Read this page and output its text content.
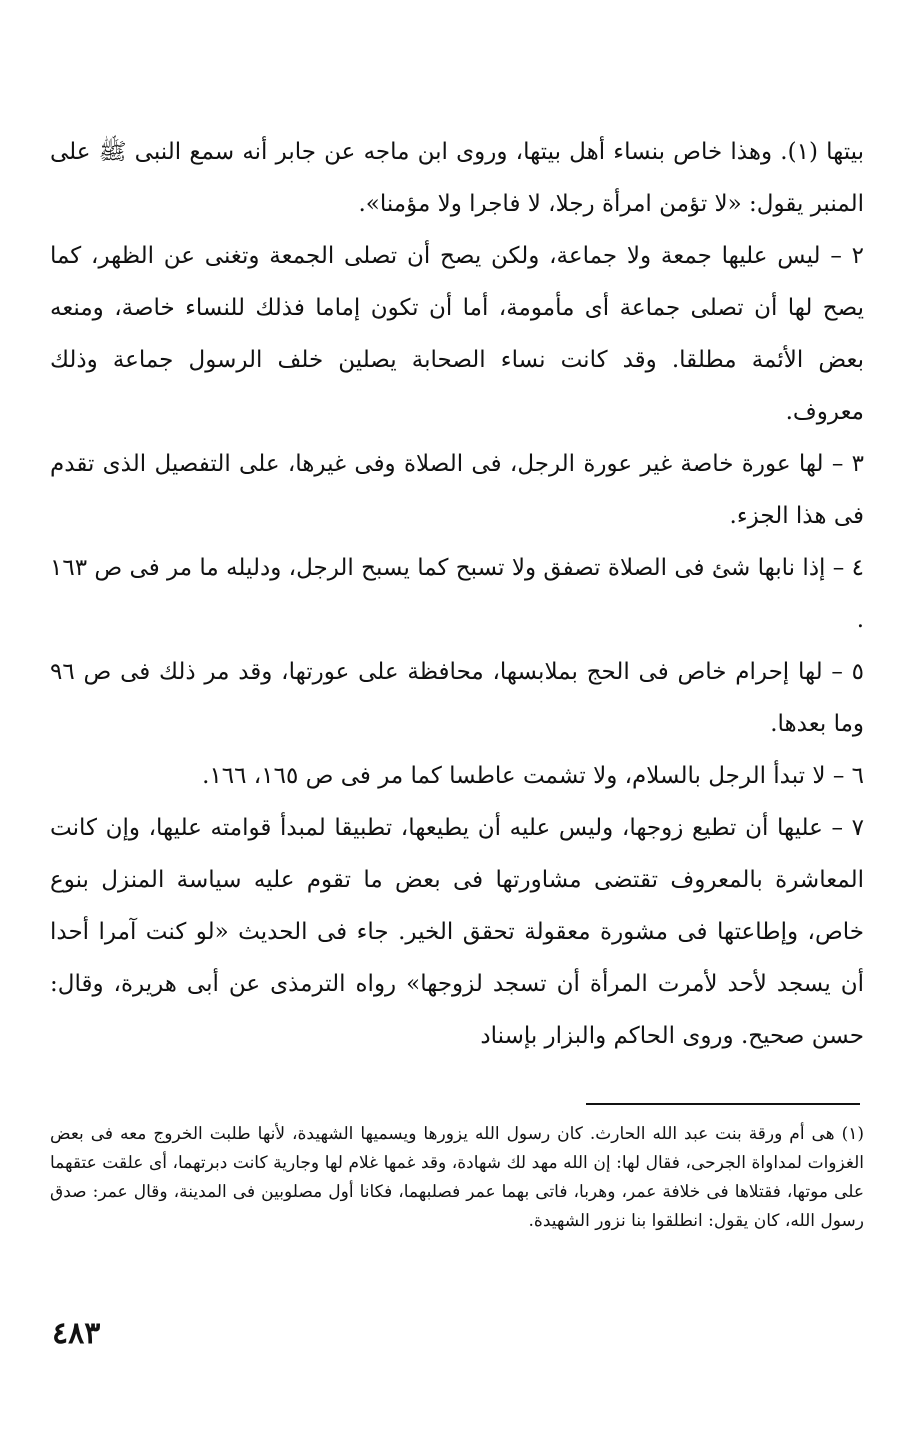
بيتها (١). وهذا خاص بنساء أهل بيتها، وروى ابن ماجه عن جابر أنه سمع النبى ﷺ على المنبر يقول: «لا تؤمن امرأة رجلا، لا فاجرا ولا مؤمنا».

٢ – ليس عليها جمعة ولا جماعة، ولكن يصح أن تصلى الجمعة وتغنى عن الظهر، كما يصح لها أن تصلى جماعة أى مأمومة، أما أن تكون إماما فذلك للنساء خاصة، ومنعه بعض الأئمة مطلقا. وقد كانت نساء الصحابة يصلين خلف الرسول جماعة وذلك معروف.

٣ – لها عورة خاصة غير عورة الرجل، فى الصلاة وفى غيرها، على التفصيل الذى تقدم فى هذا الجزء.

٤ – إذا نابها شئ فى الصلاة تصفق ولا تسبح كما يسبح الرجل، ودليله ما مر فى ص ١٦٣ .

٥ – لها إحرام خاص فى الحج بملابسها، محافظة على عورتها، وقد مر ذلك فى ص ٩٦ وما بعدها.

٦ – لا تبدأ الرجل بالسلام، ولا تشمت عاطسا كما مر فى ص ١٦٥، ١٦٦.

٧ – عليها أن تطيع زوجها، وليس عليه أن يطيعها، تطبيقا لمبدأ قوامته عليها، وإن كانت المعاشرة بالمعروف تقتضى مشاورتها فى بعض ما تقوم عليه سياسة المنزل بنوع خاص، وإطاعتها فى مشورة معقولة تحقق الخير. جاء فى الحديث «لو كنت آمرا أحدا أن يسجد لأحد لأمرت المرأة أن تسجد لزوجها» رواه الترمذى عن أبى هريرة، وقال: حسن صحيح. وروى الحاكم والبزار بإسناد

(١) هى أم ورقة بنت عبد الله الحارث. كان رسول الله يزورها ويسميها الشهيدة، لأنها طلبت الخروج معه فى بعض الغزوات لمداواة الجرحى، فقال لها: إن الله مهد لك شهادة، وقد غمها غلام لها وجارية كانت دبرتهما، أى علقت عتقهما على موتها، فقتلاها فى خلافة عمر، وهربا، فاتى بهما عمر فصلبهما، فكانا أول مصلوبين فى المدينة، وقال عمر: صدق رسول الله، كان يقول: انطلقوا بنا نزور الشهيدة.

٤٨٣
